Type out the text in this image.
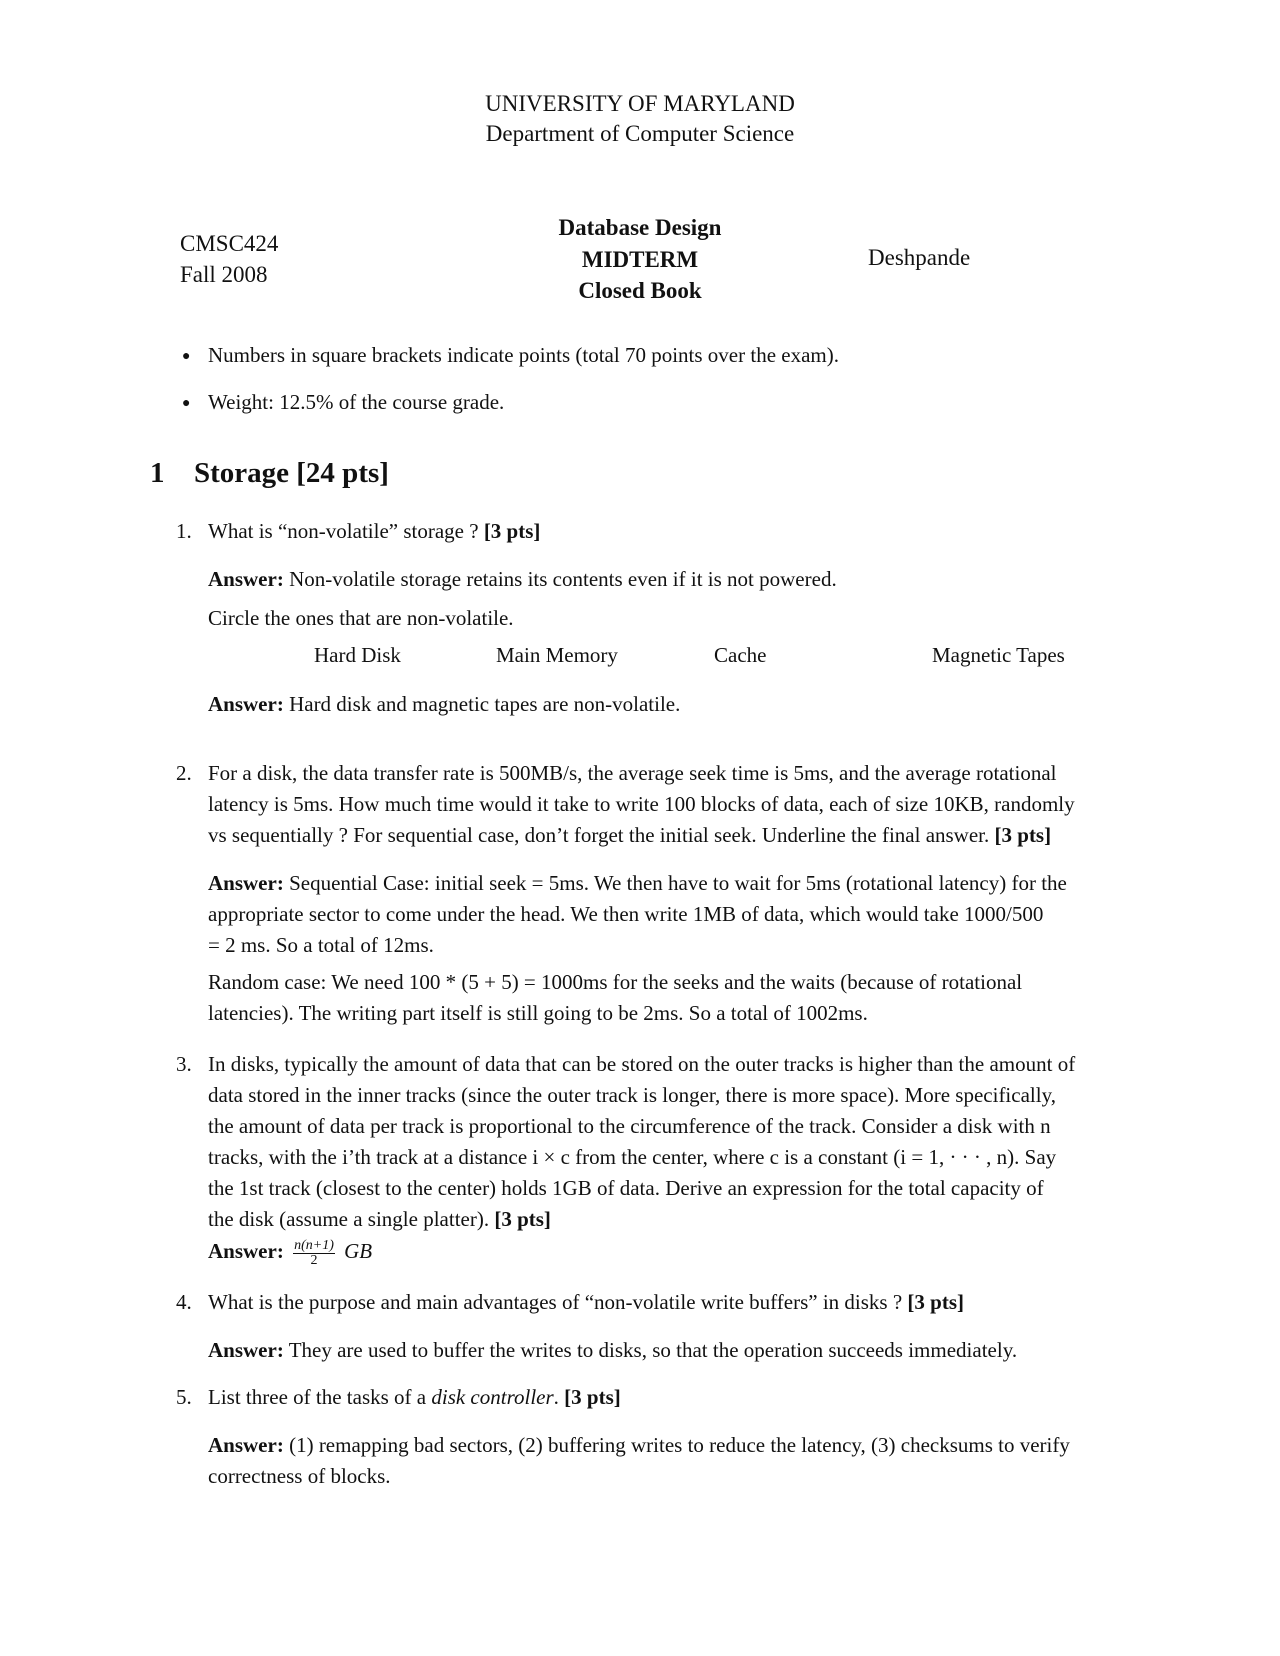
UNIVERSITY OF MARYLAND
Department of Computer Science
CMSC424
Fall 2008
Database Design
MIDTERM
Closed Book
Deshpande
● Numbers in square brackets indicate points (total 70 points over the exam).
● Weight: 12.5% of the course grade.
1 Storage [24 pts]
1. What is “non-volatile” storage ? [3 pts]
Answer: Non-volatile storage retains its contents even if it is not powered.
Circle the ones that are non-volatile.
Hard Disk	Main Memory	Cache	Magnetic Tapes
Answer: Hard disk and magnetic tapes are non-volatile.
2. For a disk, the data transfer rate is 500MB/s, the average seek time is 5ms, and the average rotational
latency is 5ms. How much time would it take to write 100 blocks of data, each of size 10KB, randomly
vs sequentially ? For sequential case, don’t forget the initial seek. Underline the final answer. [3 pts]
Answer: Sequential Case: initial seek = 5ms. We then have to wait for 5ms (rotational latency) for the
appropriate sector to come under the head. We then write 1MB of data, which would take 1000/500
= 2 ms. So a total of 12ms.
Random case: We need 100 * (5 + 5) = 1000ms for the seeks and the waits (because of rotational
latencies). The writing part itself is still going to be 2ms. So a total of 1002ms.
3. In disks, typically the amount of data that can be stored on the outer tracks is higher than the amount of
data stored in the inner tracks (since the outer track is longer, there is more space). More specifically,
the amount of data per track is proportional to the circumference of the track. Consider a disk with n
tracks, with the i’th track at a distance i × c from the center, where c is a constant (i = 1, · · · , n). Say
the 1st track (closest to the center) holds 1GB of data. Derive an expression for the total capacity of
the disk (assume a single platter). [3 pts]
Answer: $\frac{n(n+1)}{2}$ GB
4. What is the purpose and main advantages of “non-volatile write buffers” in disks ? [3 pts]
Answer: They are used to buffer the writes to disks, so that the operation succeeds immediately.
5. List three of the tasks of a disk controller. [3 pts]
Answer: (1) remapping bad sectors, (2) buffering writes to reduce the latency, (3) checksums to verify
correctness of blocks.
